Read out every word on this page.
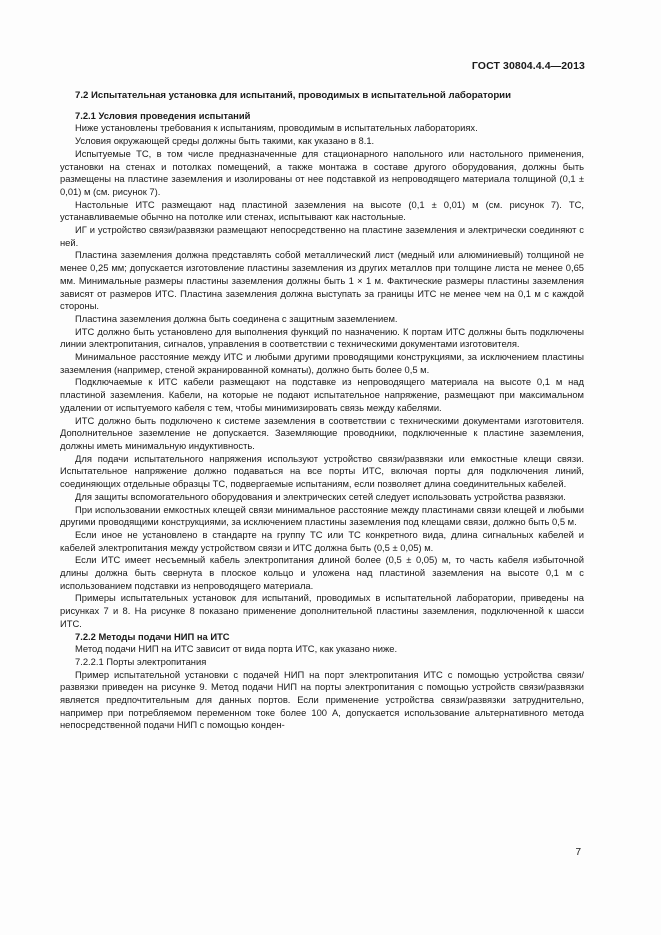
ГОСТ 30804.4.4—2013
7.2 Испытательная установка для испытаний, проводимых в испытательной лаборатории
7.2.1 Условия проведения испытаний

Ниже установлены требования к испытаниям, проводимым в испытательных лабораториях.

Условия окружающей среды должны быть такими, как указано в 8.1.

Испытуемые ТС, в том числе предназначенные для стационарного напольного или настольного применения, установки на стенах и потолках помещений, а также монтажа в составе другого оборудования, должны быть размещены на пластине заземления и изолированы от нее подставкой из непроводящего материала толщиной (0,1 ± 0,01) м (см. рисунок 7).

Настольные ИТС размещают над пластиной заземления на высоте (0,1 ± 0,01) м (см. рисунок 7). ТС, устанавливаемые обычно на потолке или стенах, испытывают как настольные.

ИГ и устройство связи/развязки размещают непосредственно на пластине заземления и электрически соединяют с ней.

Пластина заземления должна представлять собой металлический лист (медный или алюминиевый) толщиной не менее 0,25 мм; допускается изготовление пластины заземления из других металлов при толщине листа не менее 0,65 мм. Минимальные размеры пластины заземления должны быть 1 × 1 м. Фактические размеры пластины заземления зависят от размеров ИТС. Пластина заземления должна выступать за границы ИТС не менее чем на 0,1 м с каждой стороны.

Пластина заземления должна быть соединена с защитным заземлением.

ИТС должно быть установлено для выполнения функций по назначению. К портам ИТС должны быть подключены линии электропитания, сигналов, управления в соответствии с техническими документами изготовителя.

Минимальное расстояние между ИТС и любыми другими проводящими конструкциями, за исключением пластины заземления (например, стеной экранированной комнаты), должно быть более 0,5 м.

Подключаемые к ИТС кабели размещают на подставке из непроводящего материала на высоте 0,1 м над пластиной заземления. Кабели, на которые не подают испытательное напряжение, размещают при максимальном удалении от испытуемого кабеля с тем, чтобы минимизировать связь между кабелями.

ИТС должно быть подключено к системе заземления в соответствии с техническими документами изготовителя. Дополнительное заземление не допускается. Заземляющие проводники, подключенные к пластине заземления, должны иметь минимальную индуктивность.

Для подачи испытательного напряжения используют устройство связи/развязки или емкостные клещи связи. Испытательное напряжение должно подаваться на все порты ИТС, включая порты для подключения линий, соединяющих отдельные образцы ТС, подвергаемые испытаниям, если позволяет длина соединительных кабелей.

Для защиты вспомогательного оборудования и электрических сетей следует использовать устройства развязки.

При использовании емкостных клещей связи минимальное расстояние между пластинами связи клещей и любыми другими проводящими конструкциями, за исключением пластины заземления под клещами связи, должно быть 0,5 м.

Если иное не установлено в стандарте на группу ТС или ТС конкретного вида, длина сигнальных кабелей и кабелей электропитания между устройством связи и ИТС должна быть (0,5 ± 0,05) м.

Если ИТС имеет несъемный кабель электропитания длиной более (0,5 ± 0,05) м, то часть кабеля избыточной длины должна быть свернута в плоское кольцо и уложена над пластиной заземления на высоте 0,1 м с использованием подставки из непроводящего материала.

Примеры испытательных установок для испытаний, проводимых в испытательной лаборатории, приведены на рисунках 7 и 8. На рисунке 8 показано применение дополнительной пластины заземления, подключенной к шасси ИТС.

7.2.2 Методы подачи НИП на ИТС

Метод подачи НИП на ИТС зависит от вида порта ИТС, как указано ниже.

7.2.2.1 Порты электропитания

Пример испытательной установки с подачей НИП на порт электропитания ИТС с помощью устройства связи/развязки приведен на рисунке 9. Метод подачи НИП на порты электропитания с помощью устройств связи/развязки является предпочтительным для данных портов. Если применение устройства связи/развязки затруднительно, например при потребляемом переменном токе более 100 А, допускается использование альтернативного метода непосредственной подачи НИП с помощью конден-

7
